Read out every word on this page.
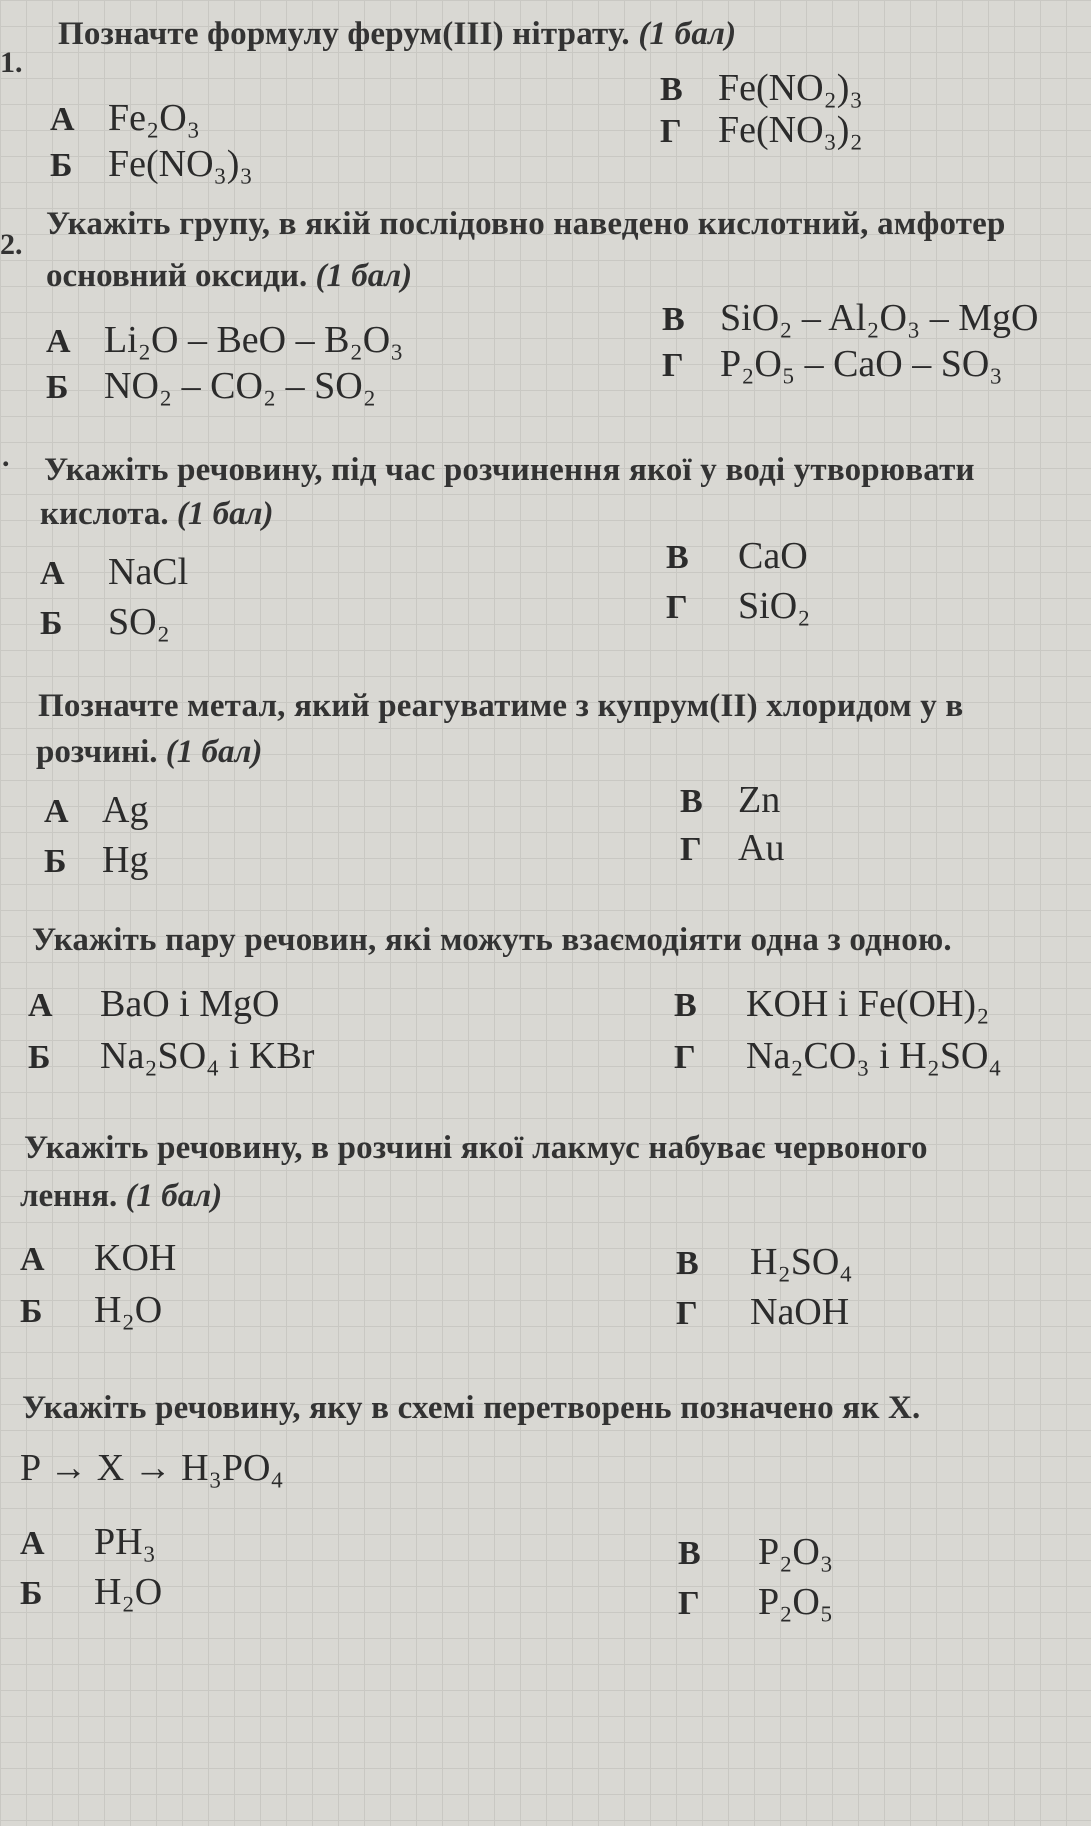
1.
Позначте формулу ферум(III) нітрату. (1 бал)
А Fe₂O₃
Б Fe(NO₃)₃
В Fe(NO₂)₃
Г Fe(NO₃)₂
2.
Укажіть групу, в якій послідовно наведено кислотний, амфотер
основний оксиди. (1 бал)
А Li₂O – BeO – B₂O₃
Б NO₂ – CO₂ – SO₂
В SiO₂ – Al₂O₃ – MgO
Г P₂O₅ – CaO – SO₃
. Укажіть речовину, під час розчинення якої у воді утворювати
кислота. (1 бал)
А NaCl
Б SO₂
В CaO
Г SiO₂
Позначте метал, який реагуватиме з купрум(II) хлоридом у в
розчині. (1 бал)
А Ag
Б Hg
В Zn
Г Au
Укажіть пару речовин, які можуть взаємодіяти одна з одною.
А BaO і MgO
Б Na₂SO₄ і KBr
В KOH і Fe(OH)₂
Г Na₂CO₃ і H₂SO₄
Укажіть речовину, в розчині якої лакмус набуває червоного
лення. (1 бал)
А KOH
Б H₂O
В H₂SO₄
Г NaOH
Укажіть речовину, яку в схемі перетворень позначено як X.
P → X → H₃PO₄
А PH₃
Б H₂O
В P₂O₃
Г P₂O₅
